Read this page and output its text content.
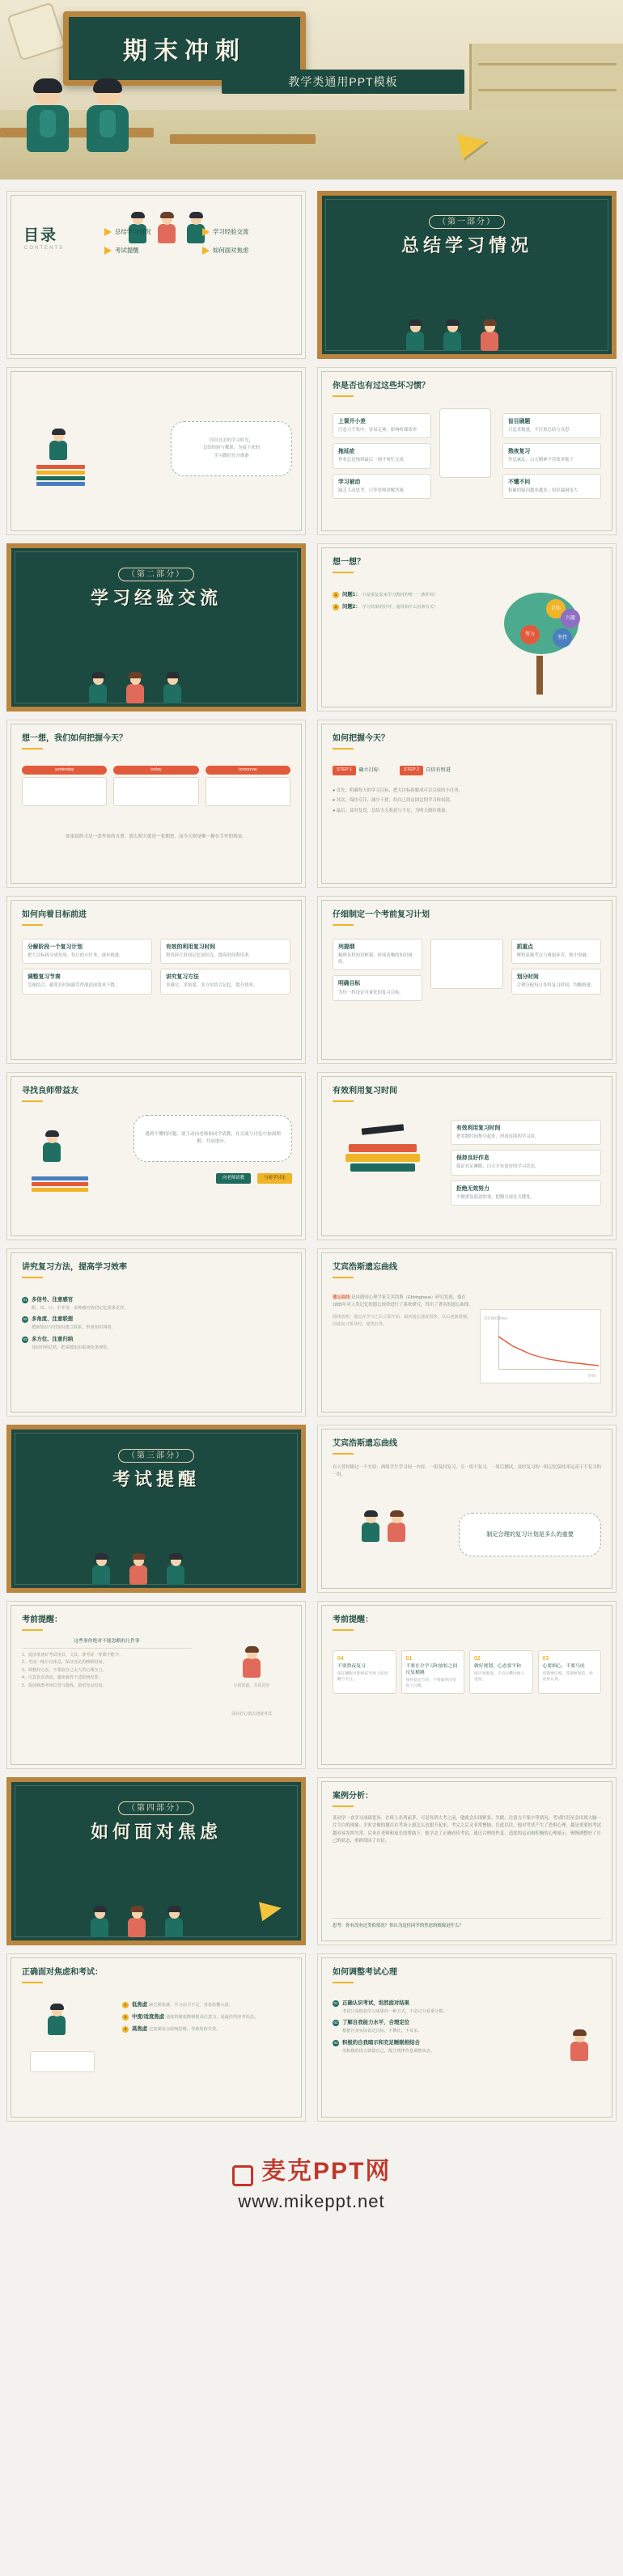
期末冲刺
教学类通用PPT模板
目录
CONTENTS
总结学习情况	学习经验交流
考试提醒	如何面对焦虑
（第一部分）
总结学习情况
回首过去的学习时光，
总结经验与教训，为接下来的
学习做好充分准备
你是否也有过这些坏习惯？
上课开小差

注意力不集中，容易走神，影响听课效率

拖延症

作业总是拖到最后一刻才匆忙完成

学习被动

缺乏主动思考，只等老师讲解答案

盲目刷题

只追求数量，不注重总结与反思

熬夜复习

作息紊乱，白天精神不佳效率低下

不懂不问

积累的疑问越来越多，知识漏洞变大

（第二部分）
学习经验交流
想一想？
1	问题1： 只是重复原来学习教材的唯一一条件吗？
2	问题2： 学习效果的好坏，通常和什么因素有关？	目标
努力
坚持
兴趣
想一想，我们如何把握今天？
yesterday	today	tomorrow
如果说昨天是一张作废的支票，那么明天就是一张期票，而今天则是唯一握在手里的现金。
如何把握今天？
STEP 1	确立目标	STEP 2	自信有恒进

● 首先，明确每天的学习目标，把大目标拆解成可以完成的小任务。

● 其次，保持专注，减少干扰，给自己设定固定的学习时间段。

● 最后，及时复盘，总结当天收获与不足，为明天做好准备。

如何向着目标前进
分解阶段一个复习计划

把大目标拆分成每周、每日的小任务，逐步推进。

调整复习节奏

劳逸结合，避免长时间疲劳作战造成效率下降。

有效的利用复习时间

利用碎片时间记忆知识点，提高时间利用率。

讲究复习方法

多感官、多角度、多方位结合记忆，提升效率。

仔细制定一个考前复习计划
列提纲

梳理各科知识框架，形成清晰的知识网络。

明确目标

为每一科设定可量化的复习目标。

抓重点

聚焦高频考点与薄弱环节，集中突破。

划分时间

合理分配每日各科复习时间，均衡推进。

寻找良师带益友
遇到不懂的问题，要主动向老师和同学请教，在交流与讨论中加深理解、共同进步。
向老师请教	与同学讨论
有效利用复习时间
有效利用复习时间

把零散时间集中起来，形成连续的学习块。

保持良好作息

保证充足睡眠，白天才有更好的学习状态。

拒绝无效努力

少做重复低效的事，把精力放在关键处。

讲究复习方法，提高学习效率
01 多信号、注意感官
眼、耳、口、手并用，多种感官协同记忆效果更佳。
02 多角度、注意联想
把新知识与旧知识建立联系，形成知识网络。
03 多方位、注意归纳
及时归纳总结，把零散知识系统化条理化。
艾宾浩斯遗忘曲线

遗忘曲线 是由德国心理学家艾宾浩斯（Ebbinghaus）研究发现。他在1885年对人类记忆的遗忘规律进行了系统研究，得出了著名的遗忘曲线。

曲线表明：遗忘在学习之后立即开始，最初遗忘速度很快，以后逐渐缓慢。因此复习要及时，趁热打铁。

记忆保持率(%)
时间
（第三部分）
考试提醒
艾宾浩斯遗忘曲线
有人曾经做过一个实验：两组学生学习同一内容，一组及时复习，另一组不复习。一周后测试，及时复习的一组记忆保持率远高于不复习的一组。
制定合理的复习计划是多么的重要
考前提醒：
这些事你绝对不能忽略的几件事

1、提前准备好考试用具，文具、准考证一样都不能少。

2、考前一晚早点休息，保证充足的睡眠时间。

3、调整好心态，不要给自己太大的心理压力。

4、注意饮食清淡，避免肠胃不适影响发挥。

5、提前熟悉考场位置与路线，预留充足时间。	互相鼓励，共同进步
保持好心情去迎接考试
考前提醒：
04
不要熬夜复习
保证睡眠才能保证考场上的清醒与专注。
01
不要在全学习和放松之间反复横跳
保持稳定节奏，不要临时改变复习习惯。
02
做好规划，心态要平和
按计划推进，不盲目攀比他人进度。
03
心要细心，不要马虎
审题要仔细，答题要规范，检查要认真。
（第四部分）
如何面对焦虑
案例分析：
某同学一直学习成绩优异，在班上名列前茅。可是每到大考之前，他就会出现紧张、失眠、注意力不集中等情况，考试时甚至会出现大脑一片空白的现象。平时会做的题目在考场上却怎么也想不起来，考完之后又非常懊恼。长此以往，他对考试产生了恐惧心理，越是重要的考试越容易发挥失常。后来在老师和家长的帮助下，他学会了正确看待考试，通过合理的作息、适度的运动和积极的心理暗示，慢慢调整好了自己的状态，重新找回了自信。
思考：你有没有过类似情况？你认为这位同学的焦虑的根源是什么？
正确面对焦虑和考试：
1	低焦虑 缺乏紧张感，学习动力不足，容易松懈大意。
2	中度/适度焦虑 适度的紧张能够提高注意力，是最佳的应考状态。
3	高焦虑 过度紧张会影响思维，导致发挥失常。
如何调整考试心理
01 正确认识考试，坦然面对结果
考试只是检验学习成果的一种方式，不必过分看重分数。
02 了解自我能力水平，合理定位
根据自身实际设定目标，不攀比、不苛求。
03 积极的自我暗示和充足睡眠相结合
用积极的语言鼓励自己，配合规律作息调整状态。
麦克PPT网
www.mikeppt.net
